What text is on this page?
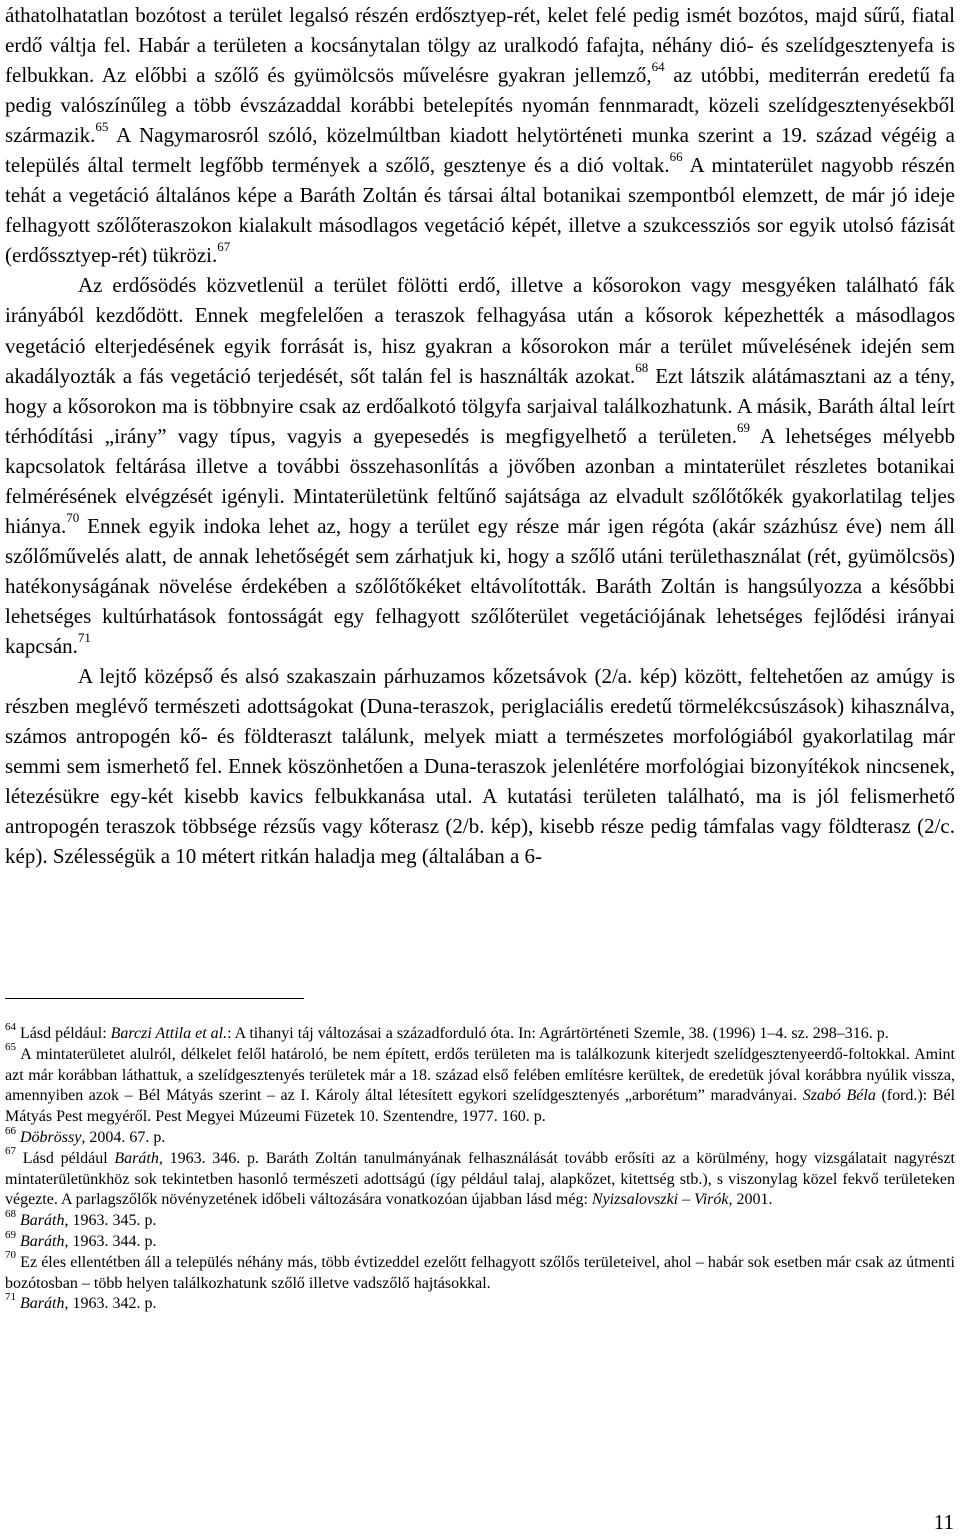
áthatolhatatlan bozótost a terület legalsó részén erdősztyep-rét, kelet felé pedig ismét bozótos, majd sűrű, fiatal erdő váltja fel. Habár a területen a kocsánytalan tölgy az uralkodó fafajta, néhány dió- és szelídgesztenyefa is felbukkan. Az előbbi a szőlő és gyümölcsös művelésre gyakran jellemző,$^{64}$ az utóbbi, mediterrán eredetű fa pedig valószínűleg a több évszázaddal korábbi betelepítés nyomán fennmaradt, közeli szelídgesztenyésekből származik.$^{65}$ A Nagymarosról szóló, közelmúltban kiadott helytörténeti munka szerint a 19. század végéig a település által termelt legfőbb termények a szőlő, gesztenye és a dió voltak.$^{66}$ A mintaterület nagyobb részén tehát a vegetáció általános képe a Baráth Zoltán és társai által botanikai szempontból elemzett, de már jó ideje felhagyott szőlőteraszokon kialakult másodlagos vegetáció képét, illetve a szukcessziós sor egyik utolsó fázisát (erdőssztyep-rét) tükrözi.$^{67}$

Az erdősödés közvetlenül a terület fölötti erdő, illetve a kősorokon vagy mesgyéken található fák irányából kezdődött. Ennek megfelelően a teraszok felhagyása után a kősorok képezhették a másodlagos vegetáció elterjedésének egyik forrását is, hisz gyakran a kősorokon már a terület művelésének idején sem akadályozták a fás vegetáció terjedését, sőt talán fel is használták azokat.$^{68}$ Ezt látszik alátámasztani az a tény, hogy a kősorokon ma is többnyire csak az erdőalkotó tölgyfa sarjaival találkozhatunk. A másik, Baráth által leírt térhódítási „irány” vagy típus, vagyis a gyepesedés is megfigyelhető a területen.$^{69}$ A lehetséges mélyebb kapcsolatok feltárása illetve a további összehasonlítás a jövőben azonban a mintaterület részletes botanikai felmérésének elvégzését igényli. Mintaterületünk feltűnő sajátsága az elvadult szőlőtőkék gyakorlatilag teljes hiánya.$^{70}$ Ennek egyik indoka lehet az, hogy a terület egy része már igen régóta (akár százhúsz éve) nem áll szőlőművelés alatt, de annak lehetőségét sem zárhatjuk ki, hogy a szőlő utáni területhasználat (rét, gyümölcsös) hatékonyságának növelése érdekében a szőlőtőkéket eltávolították. Baráth Zoltán is hangsúlyozza a későbbi lehetséges kultúrhatások fontosságát egy felhagyott szőlőterület vegetációjának lehetséges fejlődési irányai kapcsán.$^{71}$

A lejtő középső és alsó szakaszain párhuzamos kőzetsávok (2/a. kép) között, feltehetően az amúgy is részben meglévő természeti adottságokat (Duna-teraszok, periglaciális eredetű törmelékcsúszások) kihasználva, számos antropogén kő- és földteraszt találunk, melyek miatt a természetes morfológiából gyakorlatilag már semmi sem ismerhető fel. Ennek köszönhetően a Duna-teraszok jelenlétére morfológiai bizonyítékok nincsenek, létezésükre egy-két kisebb kavics felbukkanása utal. A kutatási területen található, ma is jól felismerhető antropogén teraszok többsége rézsűs vagy kőterasz (2/b. kép), kisebb része pedig támfalas vagy földterasz (2/c. kép). Szélességük a 10 métert ritkán haladja meg (általában a 6-

$^{64}$ Lásd például: Barczi Attila et al.: A tihanyi táj változásai a századforduló óta. In: Agrártörténeti Szemle, 38. (1996) 1–4. sz. 298–316. p.

$^{65}$ A mintaterületet alulról, délkelet felől határoló, be nem épített, erdős területen ma is találkozunk kiterjedt szelídgesztenyeerdő-foltokkal. Amint azt már korábban láthattuk, a szelídgesztenyés területek már a 18. század első felében említésre kerültek, de eredetük jóval korábbra nyúlik vissza, amennyiben azok – Bél Mátyás szerint – az I. Károly által létesített egykori szelídgesztenyés „arborétum” maradványai. Szabó Béla (ford.): Bél Mátyás Pest megyéről. Pest Megyei Múzeumi Füzetek 10. Szentendre, 1977. 160. p.

$^{66}$ Döbrössy, 2004. 67. p.

$^{67}$ Lásd például Baráth, 1963. 346. p. Baráth Zoltán tanulmányának felhasználását tovább erősíti az a körülmény, hogy vizsgálatait nagyrészt mintaterületünkhöz sok tekintetben hasonló természeti adottságú (így például talaj, alapkőzet, kitettség stb.), s viszonylag közel fekvő területeken végezte. A parlagszőlők növényzetének időbeli változására vonatkozóan újabban lásd még: Nyizsalovszki – Virók, 2001.

$^{68}$ Baráth, 1963. 345. p.

$^{69}$ Baráth, 1963. 344. p.

$^{70}$ Ez éles ellentétben áll a település néhány más, több évtizeddel ezelőtt felhagyott szőlős területeivel, ahol – habár sok esetben már csak az útmenti bozótosban – több helyen találkozhatunk szőlő illetve vadszőlő hajtásokkal.

$^{71}$ Baráth, 1963. 342. p.

11
